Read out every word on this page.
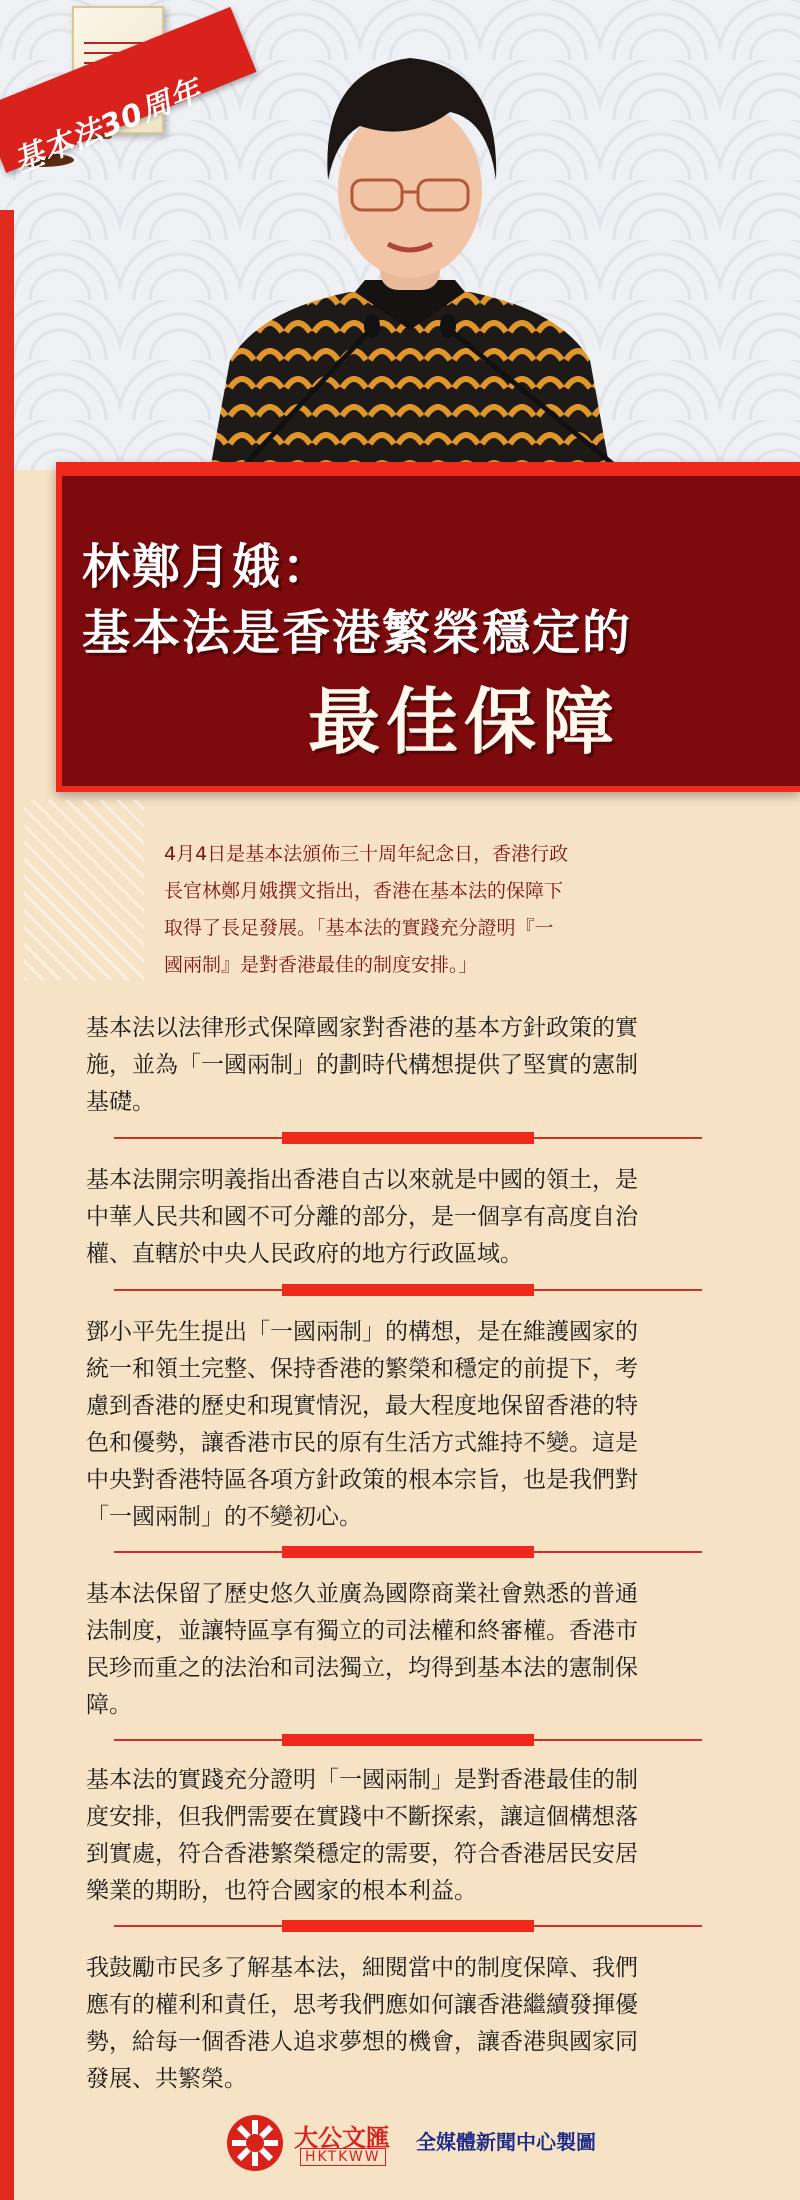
基本法30周年
林鄭月娥：
基本法是香港繁榮穩定的
最佳保障
4月4日是基本法頒佈三十周年紀念日，香港行政
長官林鄭月娥撰文指出，香港在基本法的保障下
取得了長足發展。「基本法的實踐充分證明『一
國兩制』是對香港最佳的制度安排。」
基本法以法律形式保障國家對香港的基本方針政策的實
施，並為「一國兩制」的劃時代構想提供了堅實的憲制
基礎。
基本法開宗明義指出香港自古以來就是中國的領土，是
中華人民共和國不可分離的部分，是一個享有高度自治
權、直轄於中央人民政府的地方行政區域。
鄧小平先生提出「一國兩制」的構想，是在維護國家的
統一和領土完整、保持香港的繁榮和穩定的前提下，考
慮到香港的歷史和現實情況，最大程度地保留香港的特
色和優勢，讓香港市民的原有生活方式維持不變。這是
中央對香港特區各項方針政策的根本宗旨，也是我們對
「一國兩制」的不變初心。
基本法保留了歷史悠久並廣為國際商業社會熟悉的普通
法制度，並讓特區享有獨立的司法權和終審權。香港市
民珍而重之的法治和司法獨立，均得到基本法的憲制保
障。
基本法的實踐充分證明「一國兩制」是對香港最佳的制
度安排，但我們需要在實踐中不斷探索，讓這個構想落
到實處，符合香港繁榮穩定的需要，符合香港居民安居
樂業的期盼，也符合國家的根本利益。
我鼓勵市民多了解基本法，細閱當中的制度保障、我們
應有的權利和責任，思考我們應如何讓香港繼續發揮優
勢，給每一個香港人追求夢想的機會，讓香港與國家同
發展、共繁榮。
大公文匯
HKTKWW
全媒體新聞中心製圖
